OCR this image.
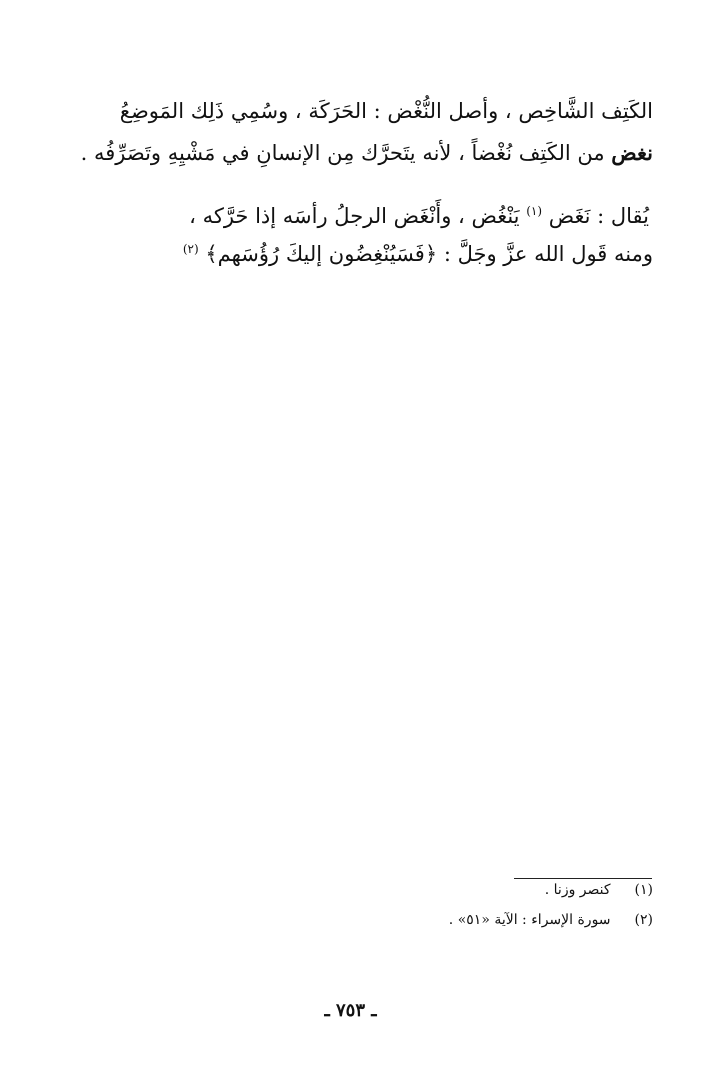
الكَتِف الشَّاخِص ، وأصل النُّغْض : الحَرَكَة ، وسُمِي ذَلِك المَوضِعُ
نغض من الكَتِف نُغْضاً ، لأنه يتَحرَّك مِن الإنسانِ في مَشْيِهِ وتَصَرِّفُه .
يُقال : نَغَض $^{(١)}$ يَنْغُض ، وأَنْغَض الرجلُ رأسَه إذا حَرَّكه ،
ومنه قَول الله عزَّ وجَلَّ : ﴿فَسَيُنْغِضُون إليكَ رُؤُسَهم﴾ $^{(٢)}$
(١) كنصر وزنا .
(٢) سورة الإسراء : الآية «٥١» .
ـ ٧٥٣ ـ
